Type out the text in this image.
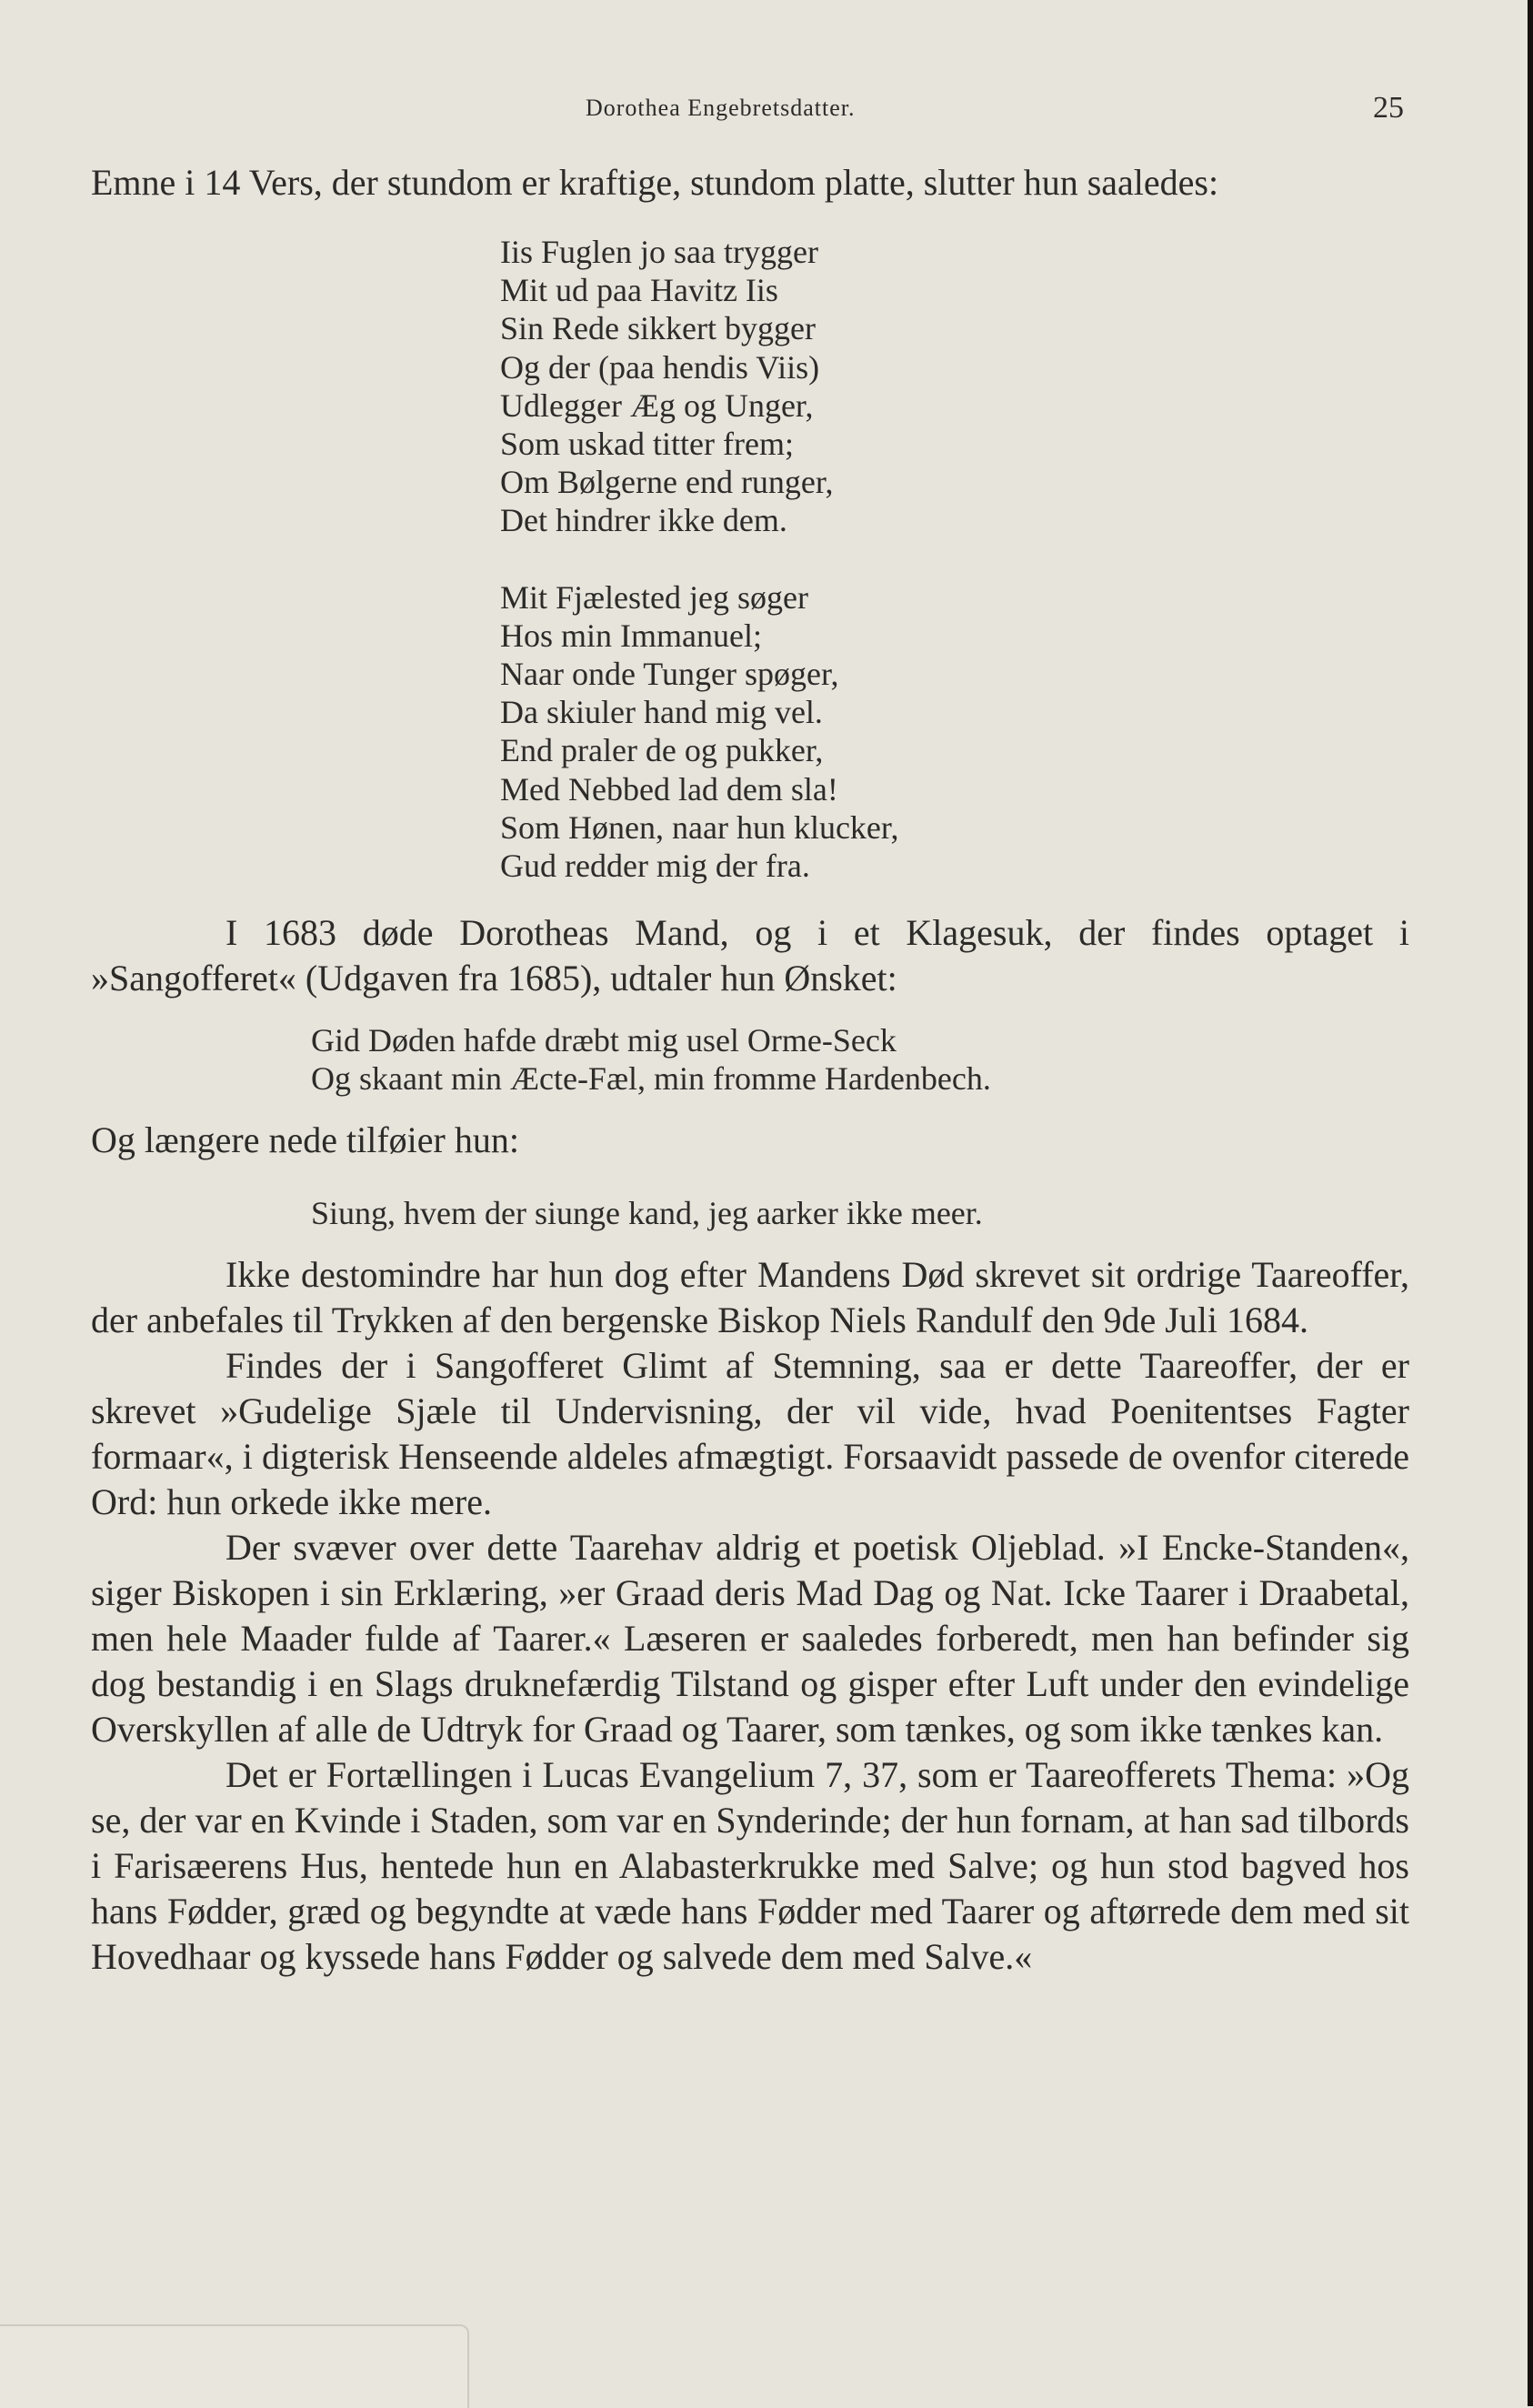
Dorothea Engebretsdatter.	25

Emne i 14 Vers, der stundom er kraftige, stundom platte, slutter hun saaledes:

Iis Fuglen jo saa trygger
Mit ud paa Havitz Iis
Sin Rede sikkert bygger
Og der (paa hendis Viis)
Udlegger Æg og Unger,
Som uskad titter frem;
Om Bølgerne end runger,
Det hindrer ikke dem.
Mit Fjælested jeg søger
Hos min Immanuel;
Naar onde Tunger spøger,
Da skiuler hand mig vel.
End praler de og pukker,
Med Nebbed lad dem sla!
Som Hønen, naar hun klucker,
Gud redder mig der fra.

I 1683 døde Dorotheas Mand, og i et Klagesuk, der findes optaget i »Sangofferet« (Udgaven fra 1685), udtaler hun Ønsket:

Gid Døden hafde dræbt mig usel Orme-Seck
Og skaant min Æcte-Fæl, min fromme Hardenbech.

Og længere nede tilføier hun:

Siung, hvem der siunge kand, jeg aarker ikke meer.

Ikke destomindre har hun dog efter Mandens Død skrevet sit ordrige Taareoffer, der anbefales til Trykken af den bergenske Biskop Niels Randulf den 9de Juli 1684.

Findes der i Sangofferet Glimt af Stemning, saa er dette Taareoffer, der er skrevet »Gudelige Sjæle til Undervisning, der vil vide, hvad Poenitentses Fagter formaar«, i digterisk Henseende aldeles afmægtigt. Forsaavidt passede de ovenfor citerede Ord: hun orkede ikke mere.

Der svæver over dette Taarehav aldrig et poetisk Oljeblad. »I Encke-Standen«, siger Biskopen i sin Erklæring, »er Graad deris Mad Dag og Nat. Icke Taarer i Draabetal, men hele Maader fulde af Taarer.« Læseren er saaledes forberedt, men han befinder sig dog bestandig i en Slags druknefærdig Tilstand og gisper efter Luft under den evindelige Overskyllen af alle de Udtryk for Graad og Taarer, som tænkes, og som ikke tænkes kan.

Det er Fortællingen i Lucas Evangelium 7, 37, som er Taareofferets Thema: »Og se, der var en Kvinde i Staden, som var en Synderinde; der hun fornam, at han sad tilbords i Farisæerens Hus, hentede hun en Alabasterkrukke med Salve; og hun stod bagved hos hans Fødder, græd og begyndte at væde hans Fødder med Taarer og aftørrede dem med sit Hovedhaar og kyssede hans Fødder og salvede dem med Salve.«
